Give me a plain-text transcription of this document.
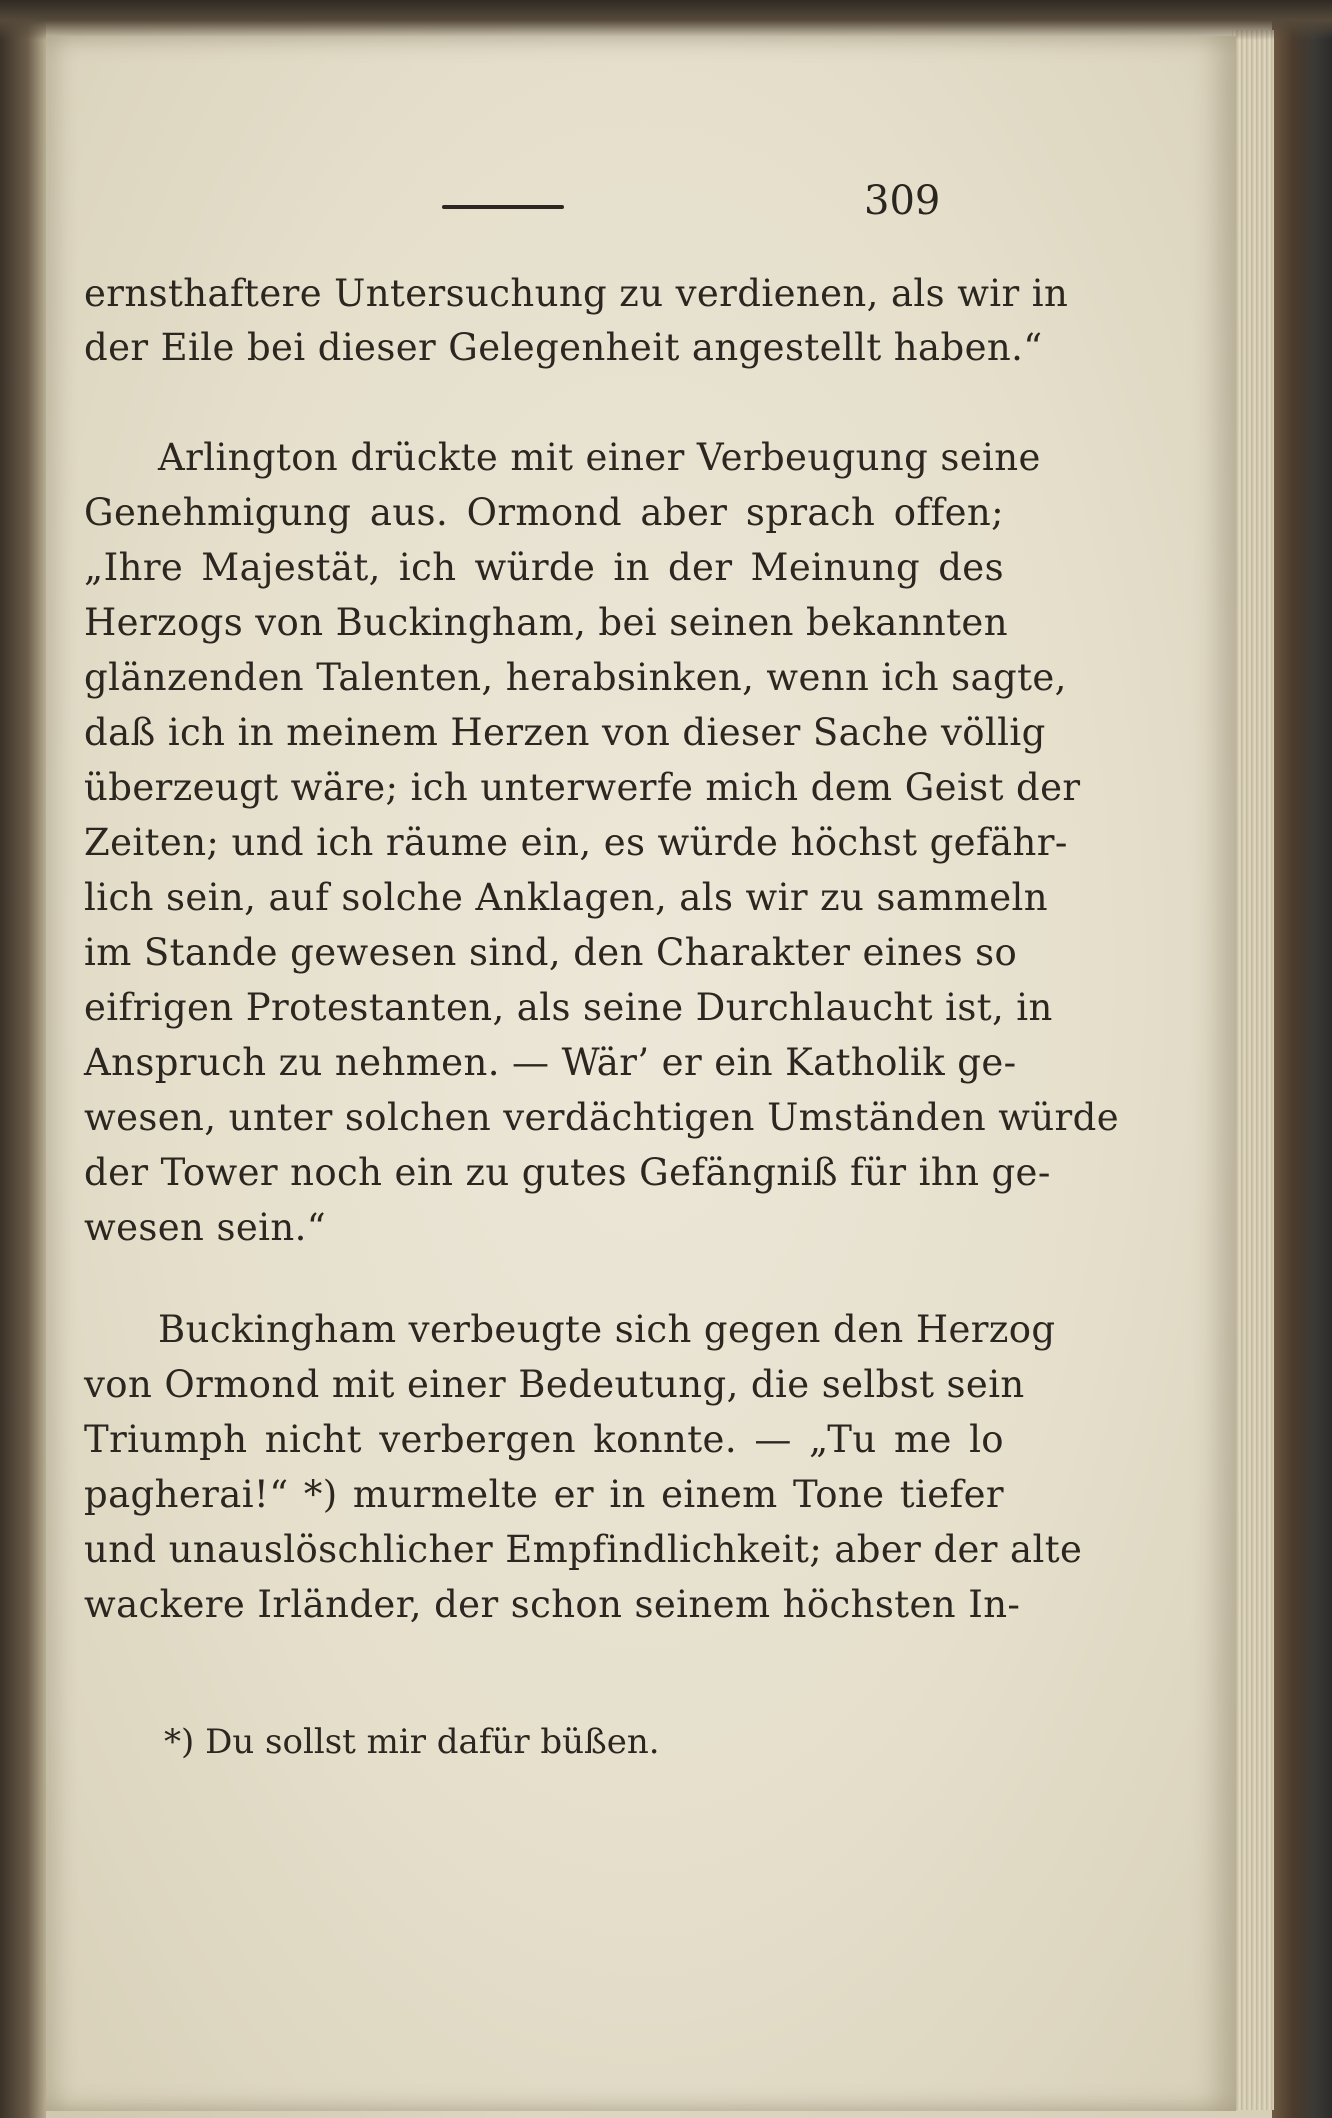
309
ernsthaftere Untersuchung zu verdienen, als wir in
der Eile bei dieser Gelegenheit angestellt haben.“
Arlington drückte mit einer Verbeugung seine
Genehmigung aus. Ormond aber sprach offen;
„Ihre Majestät, ich würde in der Meinung des
Herzogs von Buckingham, bei seinen bekannten
glänzenden Talenten, herabsinken, wenn ich sagte,
daß ich in meinem Herzen von dieser Sache völlig
überzeugt wäre; ich unterwerfe mich dem Geist der
Zeiten; und ich räume ein, es würde höchst gefähr-
lich sein, auf solche Anklagen, als wir zu sammeln
im Stande gewesen sind, den Charakter eines so
eifrigen Protestanten, als seine Durchlaucht ist, in
Anspruch zu nehmen. — Wär’ er ein Katholik ge-
wesen, unter solchen verdächtigen Umständen würde
der Tower noch ein zu gutes Gefängniß für ihn ge-
wesen sein.“
Buckingham verbeugte sich gegen den Herzog
von Ormond mit einer Bedeutung, die selbst sein
Triumph nicht verbergen konnte. — „Tu me lo
pagherai!“ *) murmelte er in einem Tone tiefer
und unauslöschlicher Empfindlichkeit; aber der alte
wackere Irländer, der schon seinem höchsten In-
*) Du sollst mir dafür büßen.
